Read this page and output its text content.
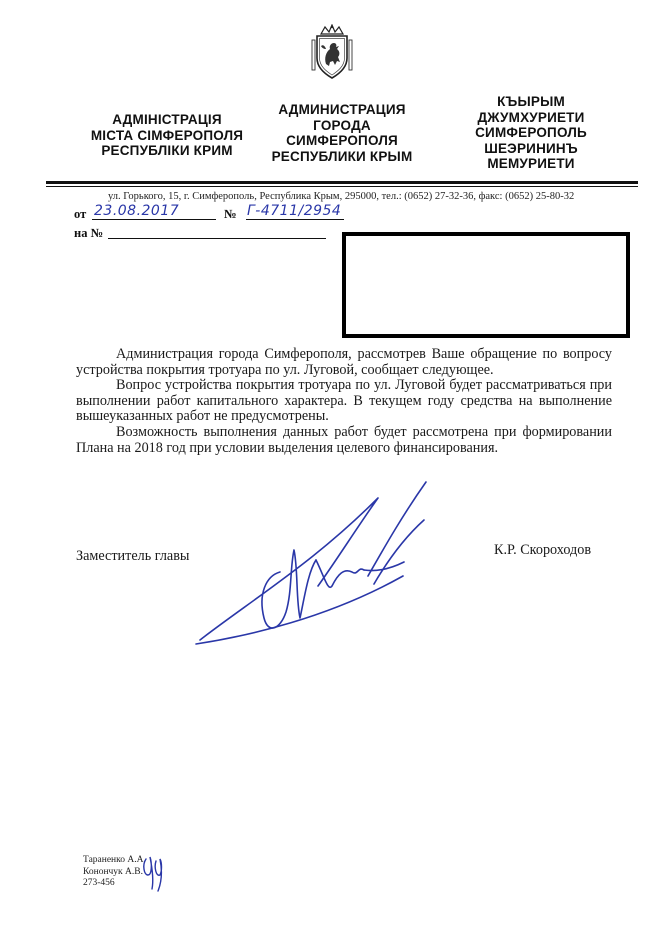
АДМІНІСТРАЦІЯ
МІСТА СІМФЕРОПОЛЯ
РЕСПУБЛІКИ КРИМ
АДМИНИСТРАЦИЯ
ГОРОДА
СИМФЕРОПОЛЯ
РЕСПУБЛИКИ КРЫМ
КЪЫРЫМ
ДЖУМХУРИЕТИ
СИМФЕРОПОЛЬ
ШЕЭРИНИНЪ
МЕМУРИЕТИ
ул. Горького, 15, г. Симферополь, Республика Крым, 295000, тел.: (0652) 27-32-36, факс: (0652) 25-80-32
от 23.08.2017	№ Г-4711/2954
на №

Администрация города Симферополя, рассмотрев Ваше обращение по вопросу устройства покрытия тротуара по ул. Луговой, сообщает следующее.

Вопрос устройства покрытия тротуара по ул. Луговой будет рассматриваться при выполнении работ капитального характера. В текущем году средства на выполнение вышеуказанных работ не предусмотрены.

Возможность выполнения данных работ будет рассмотрена при формировании Плана на 2018 год при условии выделения целевого финансирования.

Заместитель главы	К.Р. Скороходов
Тараненко А.А.
Конончук А.В.
273-456
